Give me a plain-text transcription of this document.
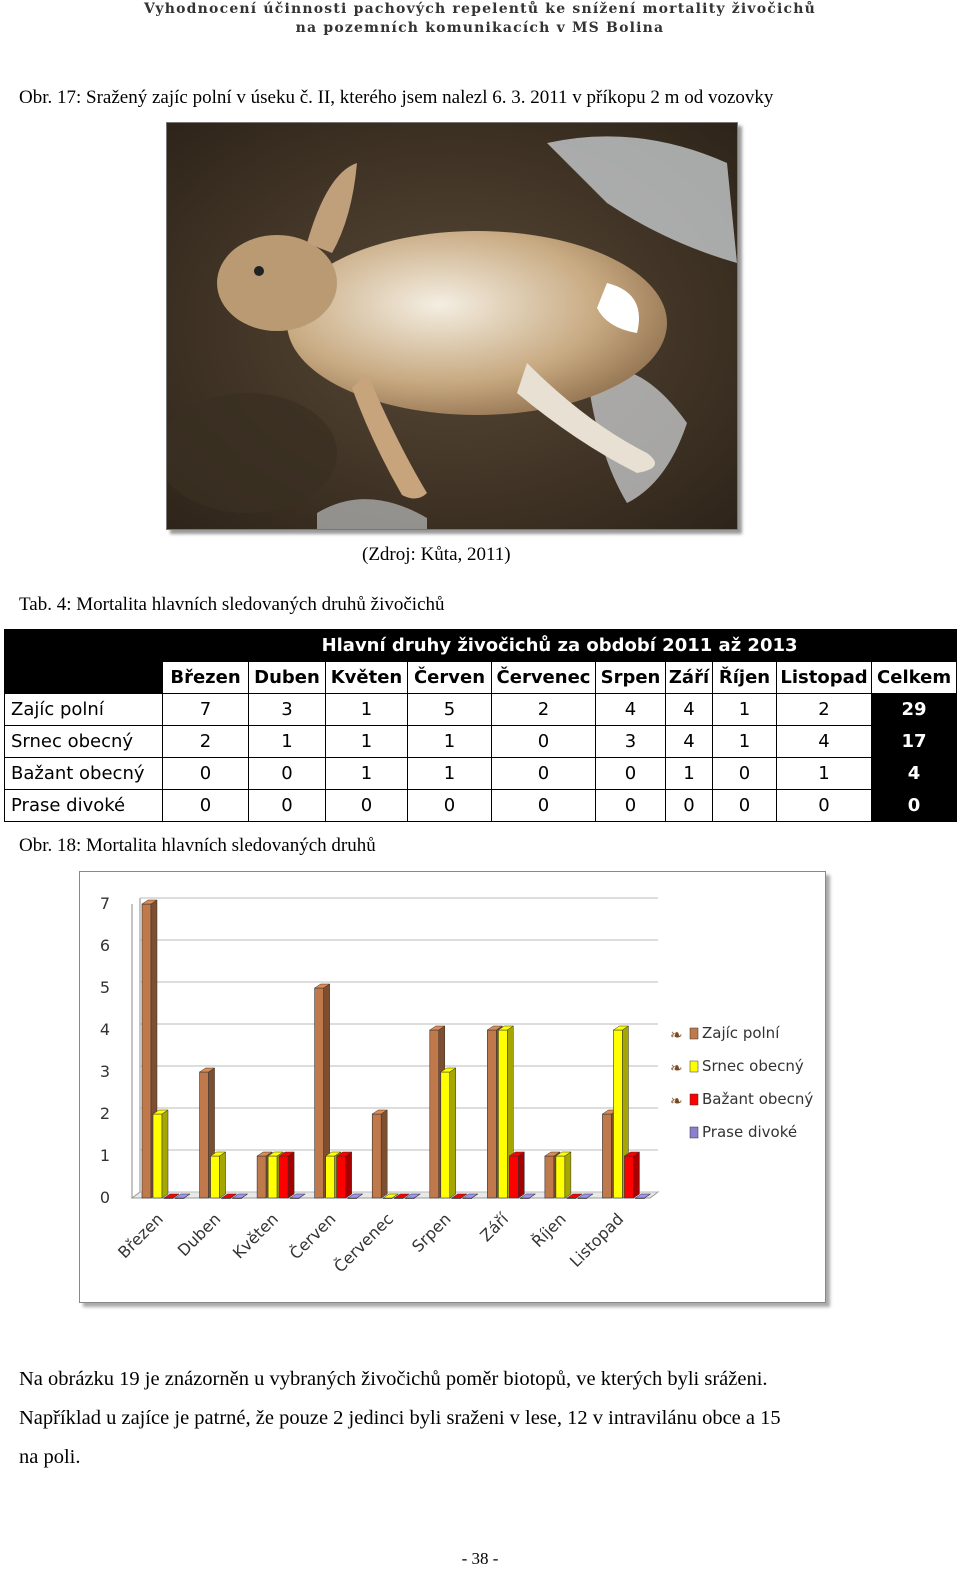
Vyhodnocení účinnosti pachových repelentů ke snížení mortality živočichů
na pozemních komunikacích v MS Bolina
Obr. 17: Sražený zajíc polní v úseku č. II, kterého jsem nalezl 6. 3. 2011 v příkopu 2 m od vozovky
(Zdroj: Kůta, 2011)
Tab. 4: Mortalita hlavních sledovaných druhů živočichů
	Hlavní druhy živočichů za období 2011 až 2013									
	Březen	Duben	Květen	Červen	Červenec	Srpen	Září	Říjen	Listopad	Celkem
Zajíc polní	7	3	1	5	2	4	4	1	2	29
Srnec obecný	2	1	1	1	0	3	4	1	4	17
Bažant obecný	0	0	1	1	0	0	1	0	1	4
Prase divoké	0	0	0	0	0	0	0	0	0	0
Obr. 18: Mortalita hlavních sledovaných druhů
0
1
2
3
4
5
6
7
Březen Duben Květen Červen
Červenec Srpen Září Říjen
Listopad
❧ Zajíc polní
❧ Srnec obecný
❧ Bažant obecný
Prase divoké
Na obrázku 19 je znázorněn u vybraných živočichů poměr biotopů, ve kterých byli sráženi.
Například u zajíce je patrné, že pouze 2 jedinci byli sraženi v lese, 12 v intravilánu obce a 15
na poli.
- 38 -
